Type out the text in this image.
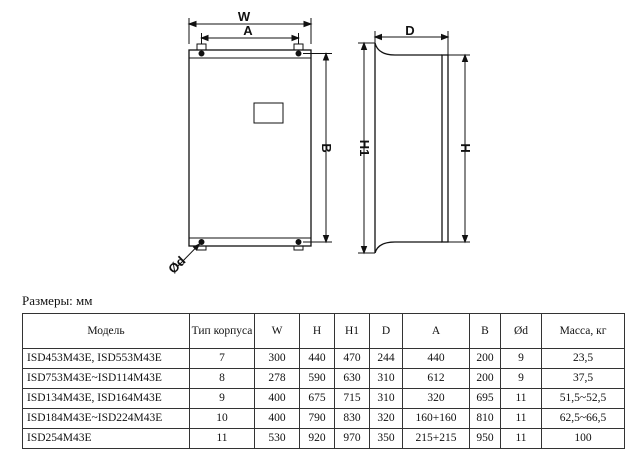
W
A
B
Ød
H1
D
H
Размеры: мм
Модель	Тип корпуса	W	H	H1	D	A	B	Ød	Масса, кг
ISD453M43E, ISD553M43E	7	300	440	470	244	440	200	9	23,5
ISD753M43E~ISD114M43E	8	278	590	630	310	612	200	9	37,5
ISD134M43E, ISD164M43E	9	400	675	715	310	320	695	11	51,5~52,5
ISD184M43E~ISD224M43E	10	400	790	830	320	160+160	810	11	62,5~66,5
ISD254M43E	11	530	920	970	350	215+215	950	11	100
